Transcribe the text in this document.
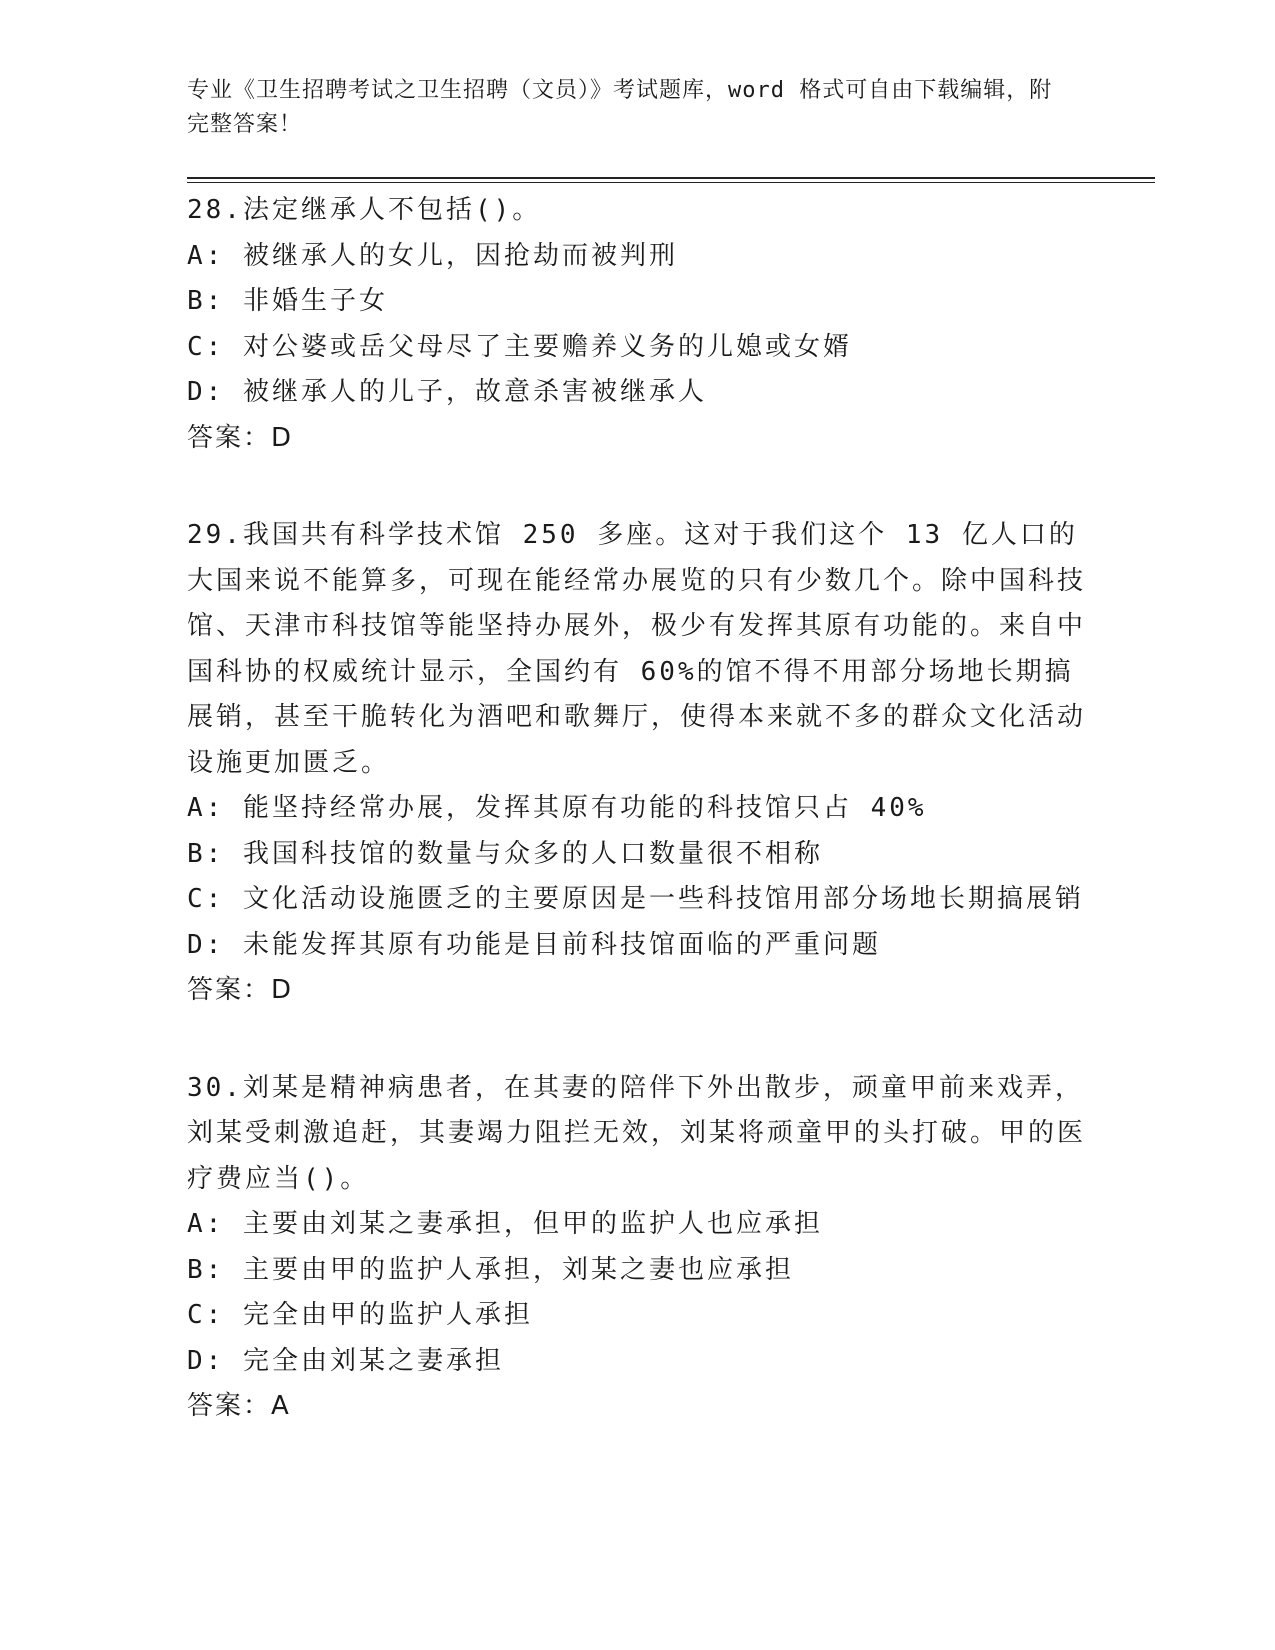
专业《卫生招聘考试之卫生招聘（文员）》考试题库，word 格式可自由下载编辑，附完整答案！
28.法定继承人不包括()。
A: 被继承人的女儿，因抢劫而被判刑
B: 非婚生子女
C: 对公婆或岳父母尽了主要赡养义务的儿媳或女婿
D: 被继承人的儿子，故意杀害被继承人
答案：D
29.我国共有科学技术馆 250 多座。这对于我们这个 13 亿人口的大国来说不能算多，可现在能经常办展览的只有少数几个。除中国科技馆、天津市科技馆等能坚持办展外，极少有发挥其原有功能的。来自中国科协的权威统计显示，全国约有 60%的馆不得不用部分场地长期搞展销，甚至干脆转化为酒吧和歌舞厅，使得本来就不多的群众文化活动设施更加匮乏。
A: 能坚持经常办展，发挥其原有功能的科技馆只占 40%
B: 我国科技馆的数量与众多的人口数量很不相称
C: 文化活动设施匮乏的主要原因是一些科技馆用部分场地长期搞展销
D: 未能发挥其原有功能是目前科技馆面临的严重问题
答案：D
30.刘某是精神病患者，在其妻的陪伴下外出散步，顽童甲前来戏弄，刘某受刺激追赶，其妻竭力阻拦无效，刘某将顽童甲的头打破。甲的医疗费应当()。
A: 主要由刘某之妻承担，但甲的监护人也应承担
B: 主要由甲的监护人承担，刘某之妻也应承担
C: 完全由甲的监护人承担
D: 完全由刘某之妻承担
答案：A
